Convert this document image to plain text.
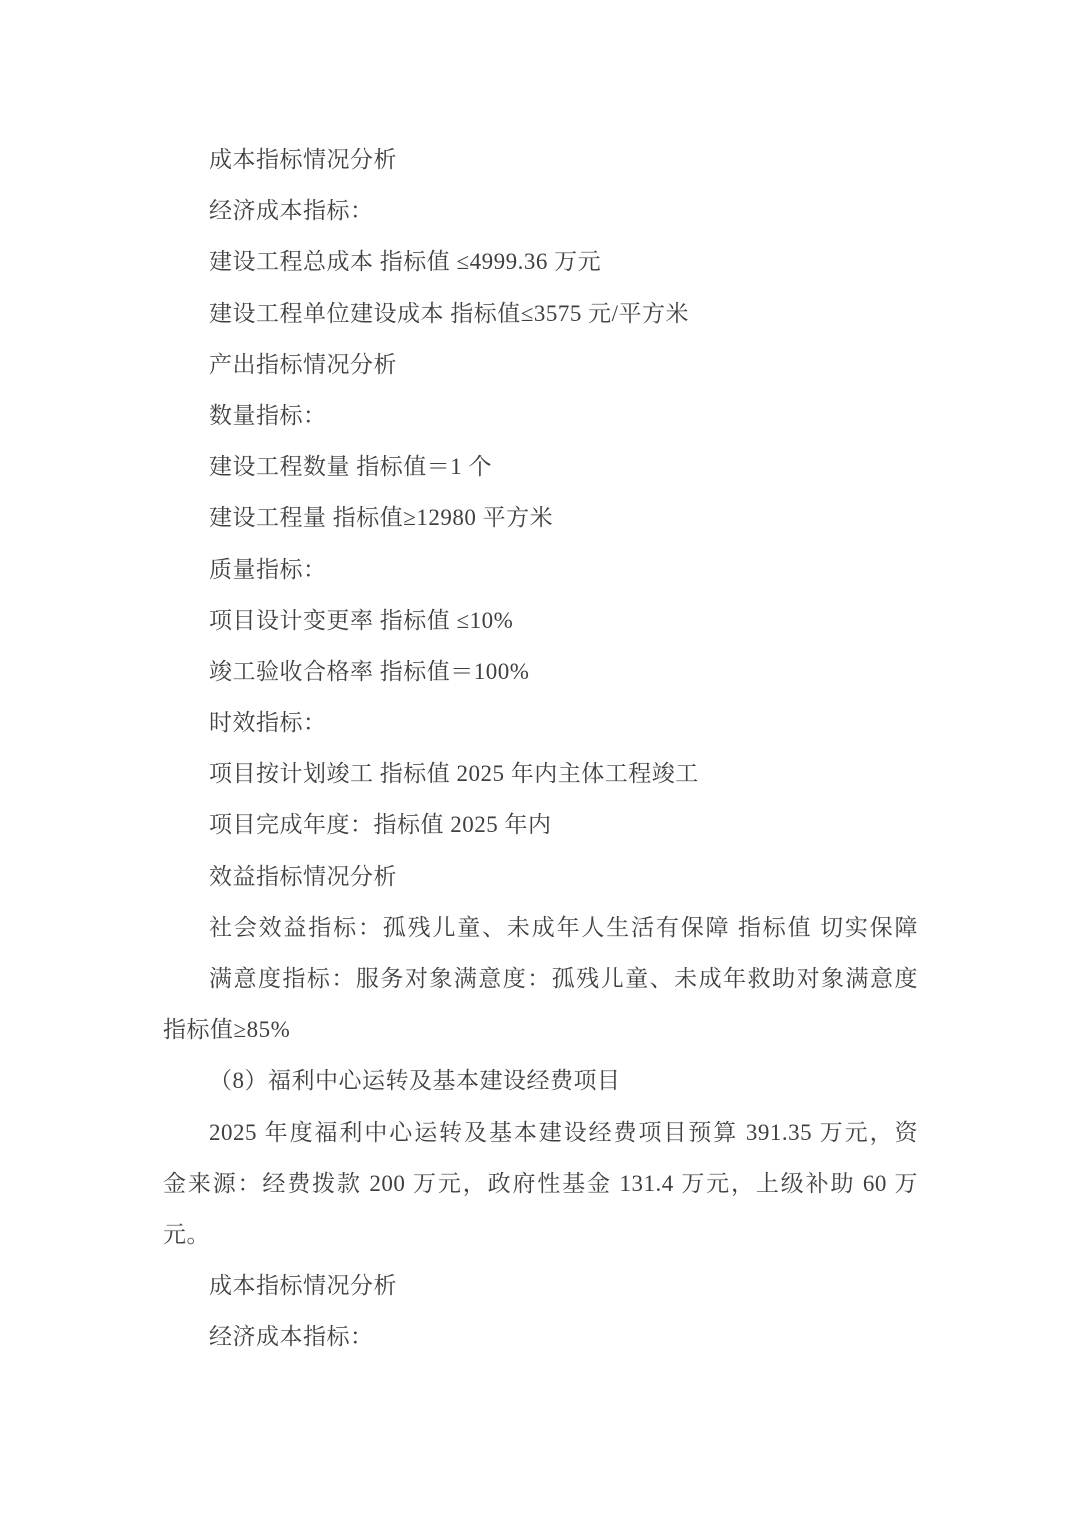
成本指标情况分析
经济成本指标：
建设工程总成本 指标值 ≤4999.36 万元
建设工程单位建设成本 指标值≤3575 元/平方米
产出指标情况分析
数量指标：
建设工程数量 指标值＝1 个
建设工程量 指标值≥12980 平方米
质量指标：
项目设计变更率 指标值 ≤10%
竣工验收合格率 指标值＝100%
时效指标：
项目按计划竣工 指标值 2025 年内主体工程竣工
项目完成年度：指标值 2025 年内
效益指标情况分析
社会效益指标：孤残儿童、未成年人生活有保障 指标值 切实保障
满意度指标：服务对象满意度：孤残儿童、未成年救助对象满意度
指标值≥85%
（8）福利中心运转及基本建设经费项目
2025 年度福利中心运转及基本建设经费项目预算 391.35 万元，资
金来源：经费拨款 200 万元，政府性基金 131.4 万元，上级补助 60 万
元。
成本指标情况分析
经济成本指标：
